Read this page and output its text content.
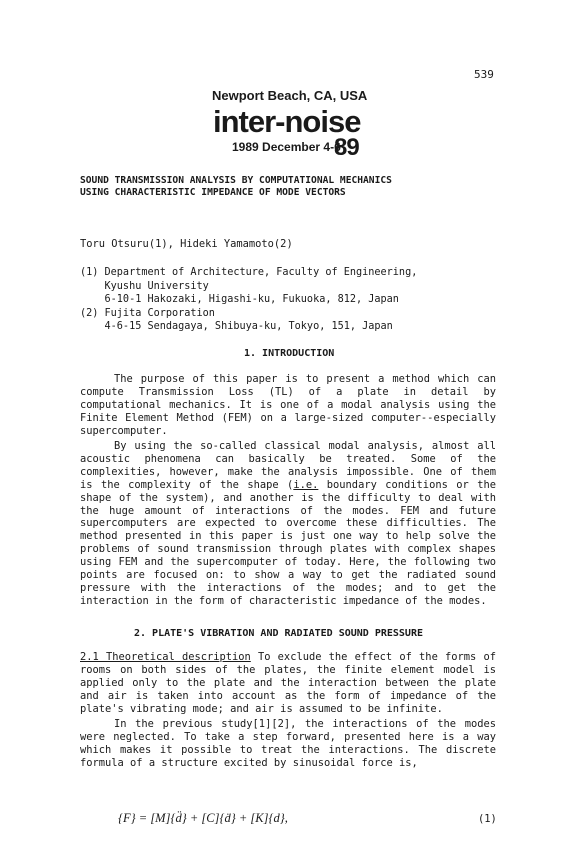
539
Newport Beach, CA, USA
inter-noise
1989 December 4-6
89
SOUND TRANSMISSION ANALYSIS BY COMPUTATIONAL MECHANICS
USING CHARACTERISTIC IMPEDANCE OF MODE VECTORS
Toru Otsuru(1), Hideki Yamamoto(2)
(1) Department of Architecture, Faculty of Engineering,
Kyushu University
6-10-1 Hakozaki, Higashi-ku, Fukuoka, 812, Japan
(2) Fujita Corporation
4-6-15 Sendagaya, Shibuya-ku, Tokyo, 151, Japan
1. INTRODUCTION
The purpose of this paper is to present a method which can compute Transmission Loss (TL) of a plate in detail by computational mechanics. It is one of a modal analysis using the Finite Element Method (FEM) on a large-sized computer--especially supercomputer.
By using the so-called classical modal analysis, almost all acoustic phenomena can basically be treated. Some of the complexities, however, make the analysis impossible. One of them is the complexity of the shape (i.e. boundary conditions or the shape of the system), and another is the difficulty to deal with the huge amount of interactions of the modes. FEM and future supercomputers are expected to overcome these difficulties. The method presented in this paper is just one way to help solve the problems of sound transmission through plates with complex shapes using FEM and the supercomputer of today. Here, the following two points are focused on: to show a way to get the radiated sound pressure with the interactions of the modes; and to get the interaction in the form of characteristic impedance of the modes.
2. PLATE'S VIBRATION AND RADIATED SOUND PRESSURE
2.1 Theoretical description To exclude the effect of the forms of rooms on both sides of the plates, the finite element model is applied only to the plate and the interaction between the plate and air is taken into account as the form of impedance of the plate's vibrating mode; and air is assumed to be infinite.
In the previous study[1][2], the interactions of the modes were neglected. To take a step forward, presented here is a way which makes it possible to treat the interactions. The discrete formula of a structure excited by sinusoidal force is,
{F} = [M]{d̈} + [C]{ḋ} + [K]{d},	(1)
